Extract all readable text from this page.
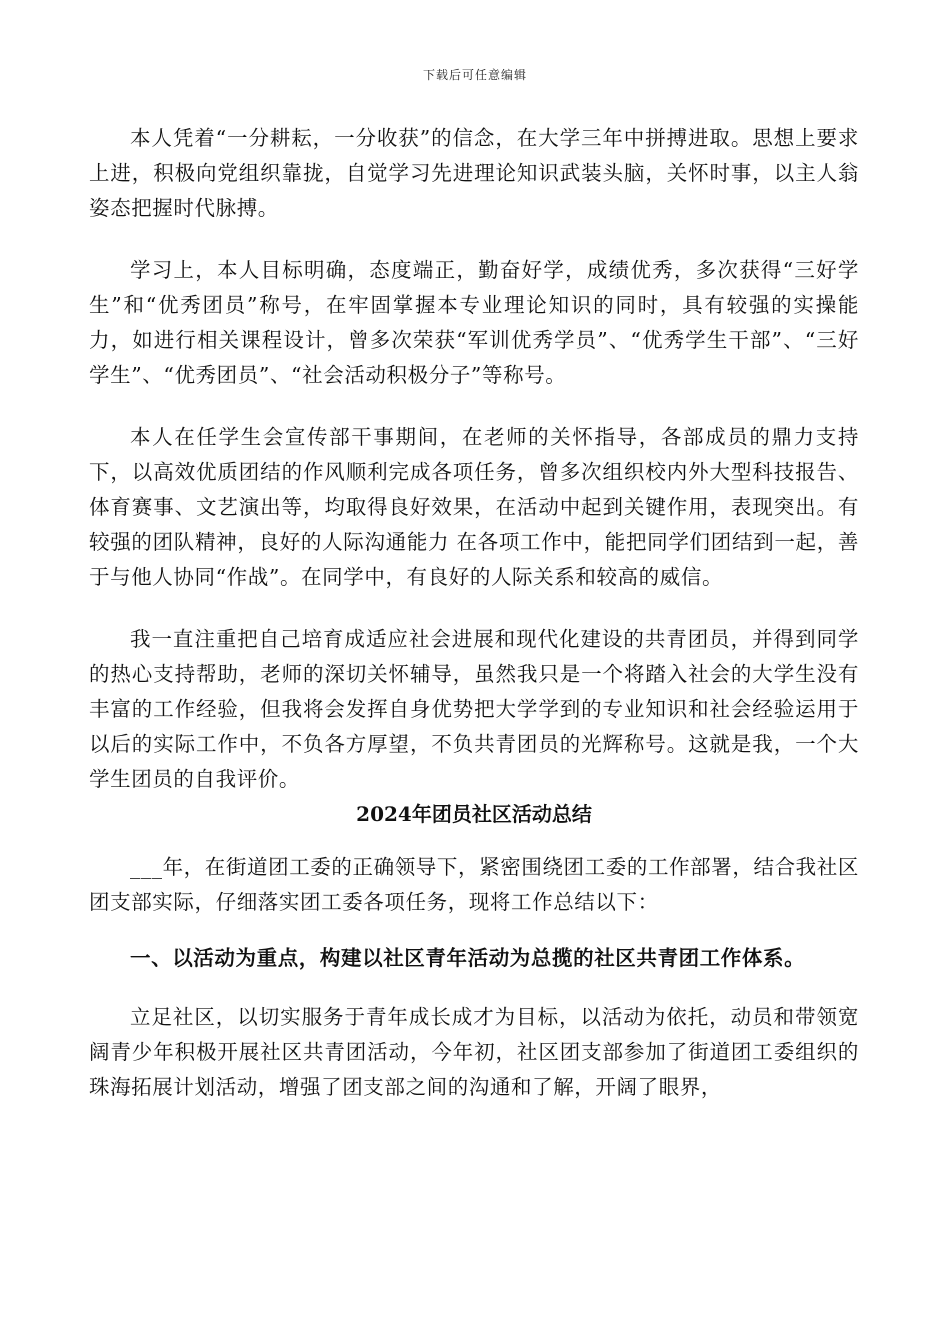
下载后可任意编辑

本人凭着“一分耕耘，一分收获”的信念，在大学三年中拼搏进取。思想上要求上进，积极向党组织靠拢，自觉学习先进理论知识武装头脑，关怀时事，以主人翁姿态把握时代脉搏。

学习上，本人目标明确，态度端正，勤奋好学，成绩优秀，多次获得“三好学生”和“优秀团员”称号，在牢固掌握本专业理论知识的同时，具有较强的实操能力，如进行相关课程设计，曾多次荣获“军训优秀学员”、“优秀学生干部”、“三好学生”、“优秀团员”、“社会活动积极分子”等称号。

本人在任学生会宣传部干事期间，在老师的关怀指导，各部成员的鼎力支持下，以高效优质团结的作风顺利完成各项任务，曾多次组织校内外大型科技报告、体育赛事、文艺演出等，均取得良好效果，在活动中起到关键作用，表现突出。有较强的团队精神，良好的人际沟通能力 在各项工作中，能把同学们团结到一起，善于与他人协同“作战”。在同学中，有良好的人际关系和较高的威信。

我一直注重把自己培育成适应社会进展和现代化建设的共青团员，并得到同学的热心支持帮助，老师的深切关怀辅导，虽然我只是一个将踏入社会的大学生没有丰富的工作经验，但我将会发挥自身优势把大学学到的专业知识和社会经验运用于以后的实际工作中，不负各方厚望，不负共青团员的光辉称号。这就是我，一个大学生团员的自我评价。

2024年团员社区活动总结

___年，在街道团工委的正确领导下，紧密围绕团工委的工作部署，结合我社区团支部实际，仔细落实团工委各项任务，现将工作总结以下：

一、以活动为重点，构建以社区青年活动为总揽的社区共青团工作体系。

立足社区，以切实服务于青年成长成才为目标，以活动为依托，动员和带领宽阔青少年积极开展社区共青团活动，今年初，社区团支部参加了街道团工委组织的珠海拓展计划活动，增强了团支部之间的沟通和了解，开阔了眼界，
